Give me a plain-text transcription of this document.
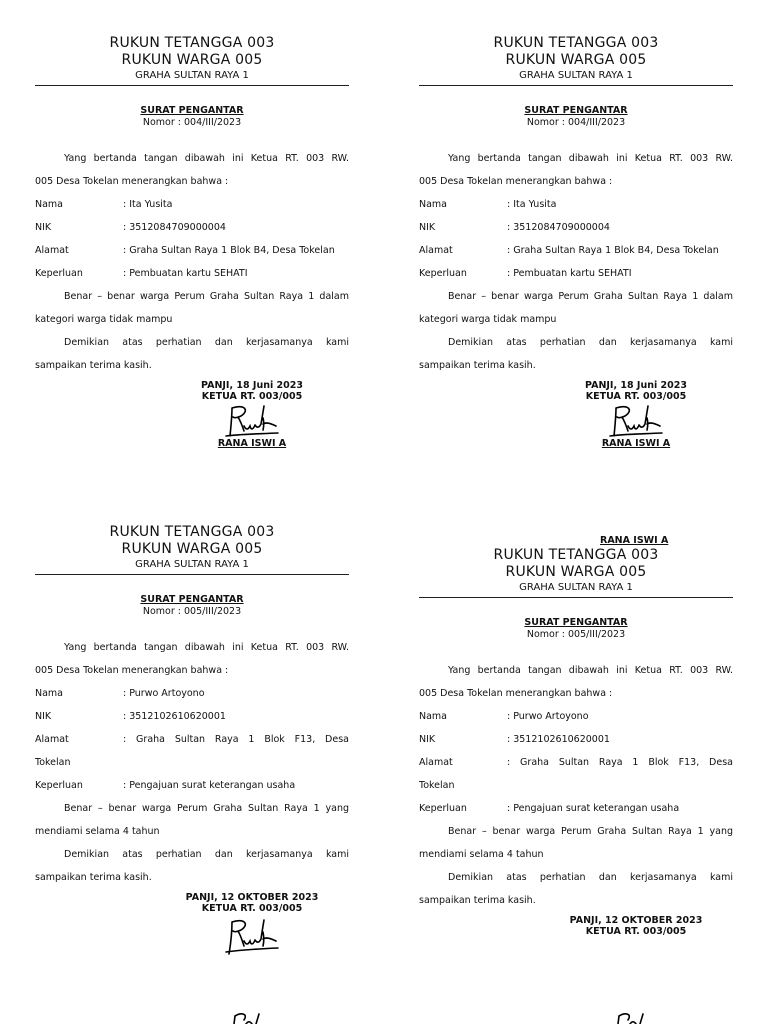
RUKUN TETANGGA 003
RUKUN WARGA 005
GRAHA SULTAN RAYA 1
SURAT PENGANTAR
Nomor : 004/III/2023
Yang bertanda tangan dibawah ini Ketua RT. 003 RW.
005 Desa Tokelan menerangkan bahwa :
Nama	: Ita Yusita
NIK	: 3512084709000004
Alamat	: Graha Sultan Raya 1 Blok B4, Desa Tokelan
Keperluan	: Pembuatan kartu SEHATI
Benar – benar warga Perum Graha Sultan Raya 1 dalam
kategori warga tidak mampu
Demikian atas perhatian dan kerjasamanya kami
sampaikan terima kasih.
PANJI, 18 Juni 2023
KETUA RT. 003/005
RANA ISWI A
RUKUN TETANGGA 003
RUKUN WARGA 005
GRAHA SULTAN RAYA 1
SURAT PENGANTAR
Nomor : 004/III/2023
Yang bertanda tangan dibawah ini Ketua RT. 003 RW.
005 Desa Tokelan menerangkan bahwa :
Nama	: Ita Yusita
NIK	: 3512084709000004
Alamat	: Graha Sultan Raya 1 Blok B4, Desa Tokelan
Keperluan	: Pembuatan kartu SEHATI
Benar – benar warga Perum Graha Sultan Raya 1 dalam
kategori warga tidak mampu
Demikian atas perhatian dan kerjasamanya kami
sampaikan terima kasih.
PANJI, 18 Juni 2023
KETUA RT. 003/005
RANA ISWI A
RUKUN TETANGGA 003
RUKUN WARGA 005
GRAHA SULTAN RAYA 1
SURAT PENGANTAR
Nomor : 005/III/2023
Yang bertanda tangan dibawah ini Ketua RT. 003 RW.
005 Desa Tokelan menerangkan bahwa :
Nama	: Purwo Artoyono
NIK	: 3512102610620001
Alamat	: Graha Sultan Raya 1 Blok F13, Desa
Tokelan
Keperluan	: Pengajuan surat keterangan usaha
Benar – benar warga Perum Graha Sultan Raya 1 yang
mendiami selama 4 tahun
Demikian atas perhatian dan kerjasamanya kami
sampaikan terima kasih.
PANJI, 12 OKTOBER 2023
KETUA RT. 003/005
RANA ISWI A
RUKUN TETANGGA 003
RUKUN WARGA 005
GRAHA SULTAN RAYA 1
SURAT PENGANTAR
Nomor : 005/III/2023
Yang bertanda tangan dibawah ini Ketua RT. 003 RW.
005 Desa Tokelan menerangkan bahwa :
Nama	: Purwo Artoyono
NIK	: 3512102610620001
Alamat	: Graha Sultan Raya 1 Blok F13, Desa
Tokelan
Keperluan	: Pengajuan surat keterangan usaha
Benar – benar warga Perum Graha Sultan Raya 1 yang
mendiami selama 4 tahun
Demikian atas perhatian dan kerjasamanya kami
sampaikan terima kasih.
PANJI, 12 OKTOBER 2023
KETUA RT. 003/005
